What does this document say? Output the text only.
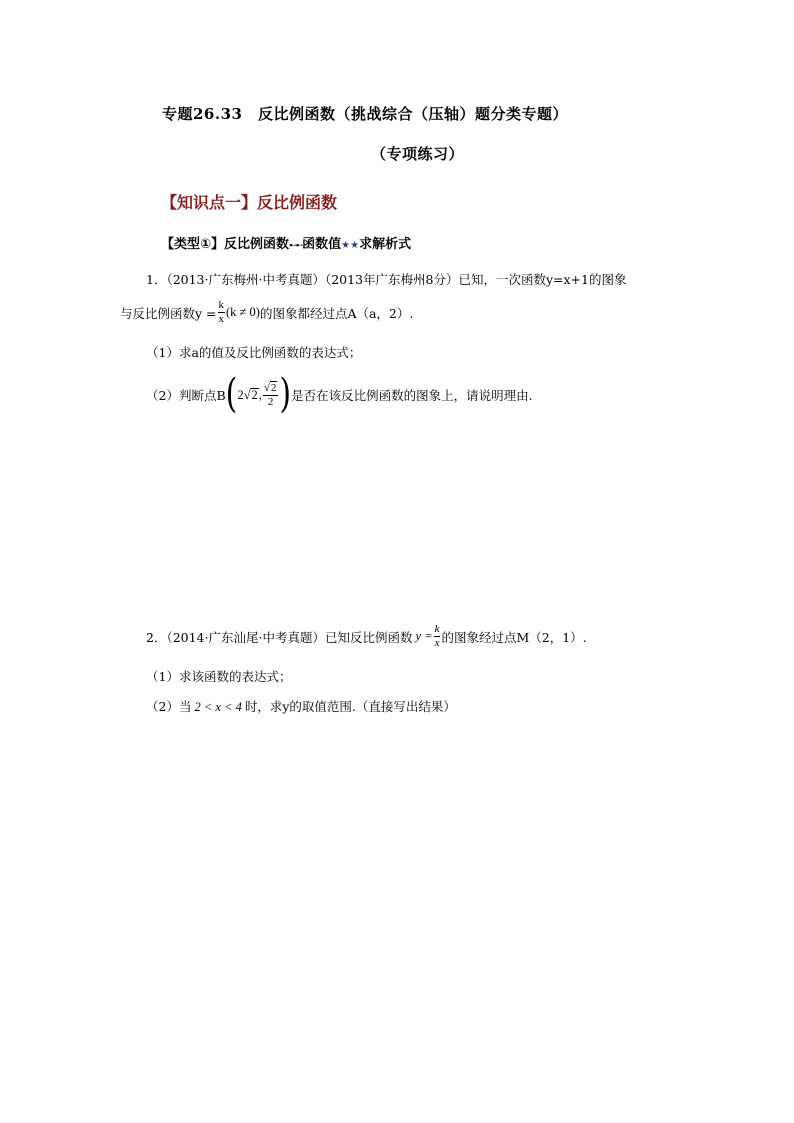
专题26.33　反比例函数（挑战综合（压轴）题分类专题）
（专项练习）
【知识点一】反比例函数
【类型①】反比例函数➸➸函数值★★求解析式
1．（2013·广东梅州·中考真题）（2013年广东梅州8分）已知，一次函数y=x+1的图象
与反比例函数$y = \frac{k}{x} (k \ne 0)$ 的图象都经过点A（a，2）.
（1）求a的值及反比例函数的表达式；
（2）判断点B ( 2√2 , $\frac{√2}{2}$ ) 是否在该反比例函数的图象上，请说明理由.
2．（2014·广东汕尾·中考真题）已知反比例函数 $y = \frac{k}{x}$ 的图象经过点M（2，1）.
（1）求该函数的表达式；
（2）当 2 < x < 4 时，求y的取值范围.（直接写出结果）
